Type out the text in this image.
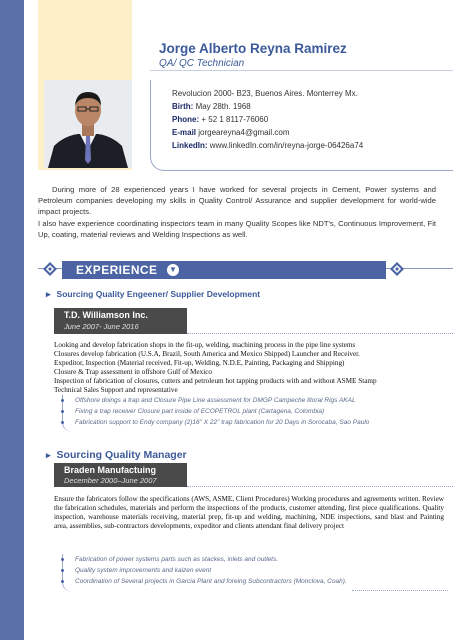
Jorge Alberto Reyna Ramirez
QA/ QC Technician
Revolucion 2000- B23, Buenos Aires. Monterrey Mx.
Birth: May 28th. 1968
Phone: + 52 1 8117-76060
E-mail jorgeareyna4@gmail.com
LinkedIn: www.linkedIn.com/in/reyna-jorge-06426a74

During more of 28 experienced years I have worked for several projects in Cement, Power systems and Petroleum companies developing my skills in Quality Control/ Assurance and supplier development for world-wide impact projects.

I also have experience coordinating inspectors team in many Quality Scopes like NDT's, Continuous Improvement, Fit Up, coating, material reviews and Welding Inspections as well.

EXPERIENCE ▼
▸ Sourcing Quality Engeener/ Supplier Development
T.D. Williamson Inc.
June 2007- June 2016

Looking and develop fabrication shops in the fit-up, welding, machining process in the pipe line systems

Closures develop fabrication (U.S.A, Brazil, South America and Mexico Shipped) Launcher and Receiver.

Expeditor, Inspection (Material received, Fit-up, Welding, N.D.E, Painting, Packaging and Shipping)

Closure & Trap assessment in offshore Gulf of Mexico

Inspection of fabrication of closures, cutters and petroleum hot tapping products with and without ASME Stamp

Technical Sales Support and representative

Offshore doings a trap and Closure Pipe Line assessment for DMGP Campeche litoral Rigs AKAL
Fixing a trap receiver Closure part inside of ECOPETROL plant (Cartagena, Colombia)
Fabrication support to Endy company (2)16" X 22" trap fabrication for 20 Days in Sorocaba, Sao Paulo
▸ Sourcing Quality Manager
Braden Manufactuing
December 2000–June 2007

Ensure the fabricators follow the specifications (AWS, ASME, Client Procedures) Working procedures and agreements written. Review the fabrication schedules, materials and perform the inspections of the products, customer attending, first piece qualifications. Quality inspection, warehouse materials receiving, material prep, fit-up and welding, machining, NDE inspections, sand blast and Painting area, assemblies, sub-contractors developments, expeditor and clients attendant final delivery project

Fabrication of power systems parts such as stackes, inlets and outlets.
Quality system improvements and kaizen event
Coordination of Several projects in Garcia Plant and foreing Subcontractors (Monclova, Coah).
